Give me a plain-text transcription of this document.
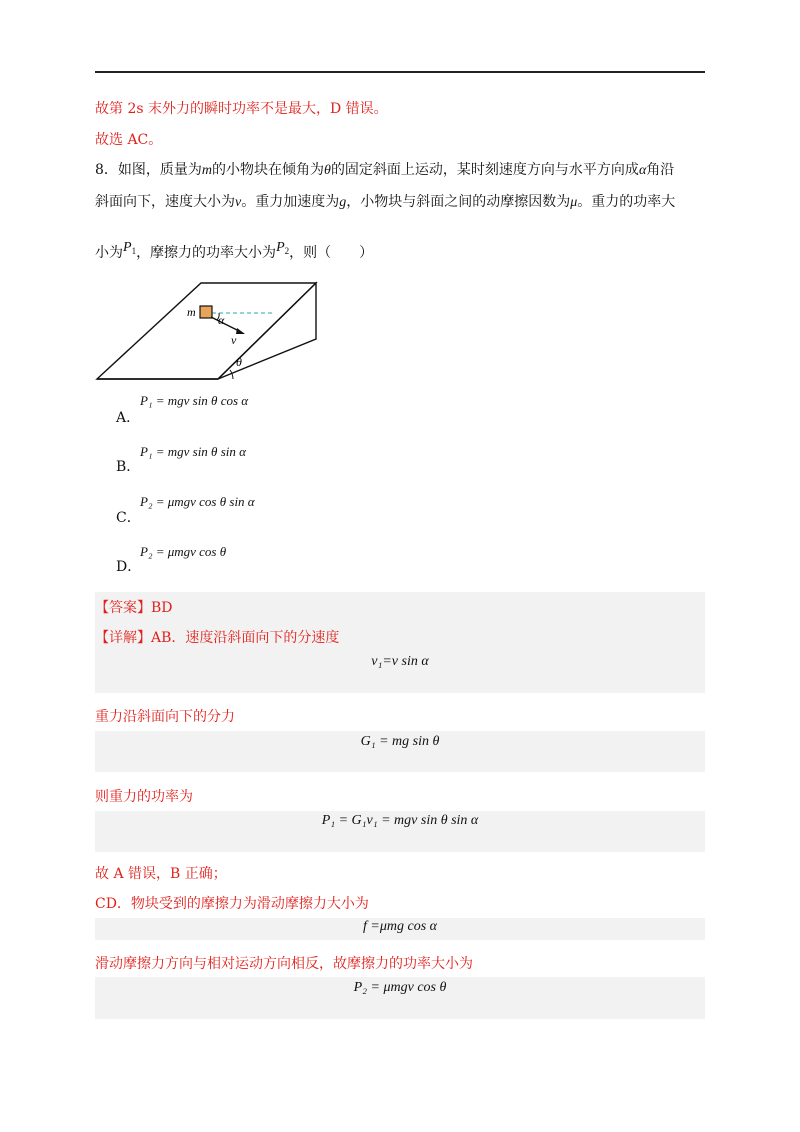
故第 2s 末外力的瞬时功率不是最大，D 错误。
故选 AC。
8．如图，质量为m的小物块在倾角为θ的固定斜面上运动，某时刻速度方向与水平方向成α角沿
斜面向下，速度大小为v。重力加速度为g，小物块与斜面之间的动摩擦因数为μ。重力的功率大
小为$P_1$，摩擦力的功率大小为$P_2$，则（　　）
m
α
v
θ
P₁ = mgv sin θ cos α
A．
P₁ = mgv sin θ sin α
B．
P₂ = μmgv cos θ sin α
C．
P₂ = μmgv cos θ
D．
【答案】BD
【详解】AB．速度沿斜面向下的分速度
v₁=v sin α
重力沿斜面向下的分力
G₁ = mg sin θ
则重力的功率为
P₁ = G₁v₁ = mgv sin θ sin α
故 A 错误，B 正确；
CD．物块受到的摩擦力为滑动摩擦力大小为
f =μmg cos α
滑动摩擦力方向与相对运动方向相反，故摩擦力的功率大小为
P₂ = μmgv cos θ
